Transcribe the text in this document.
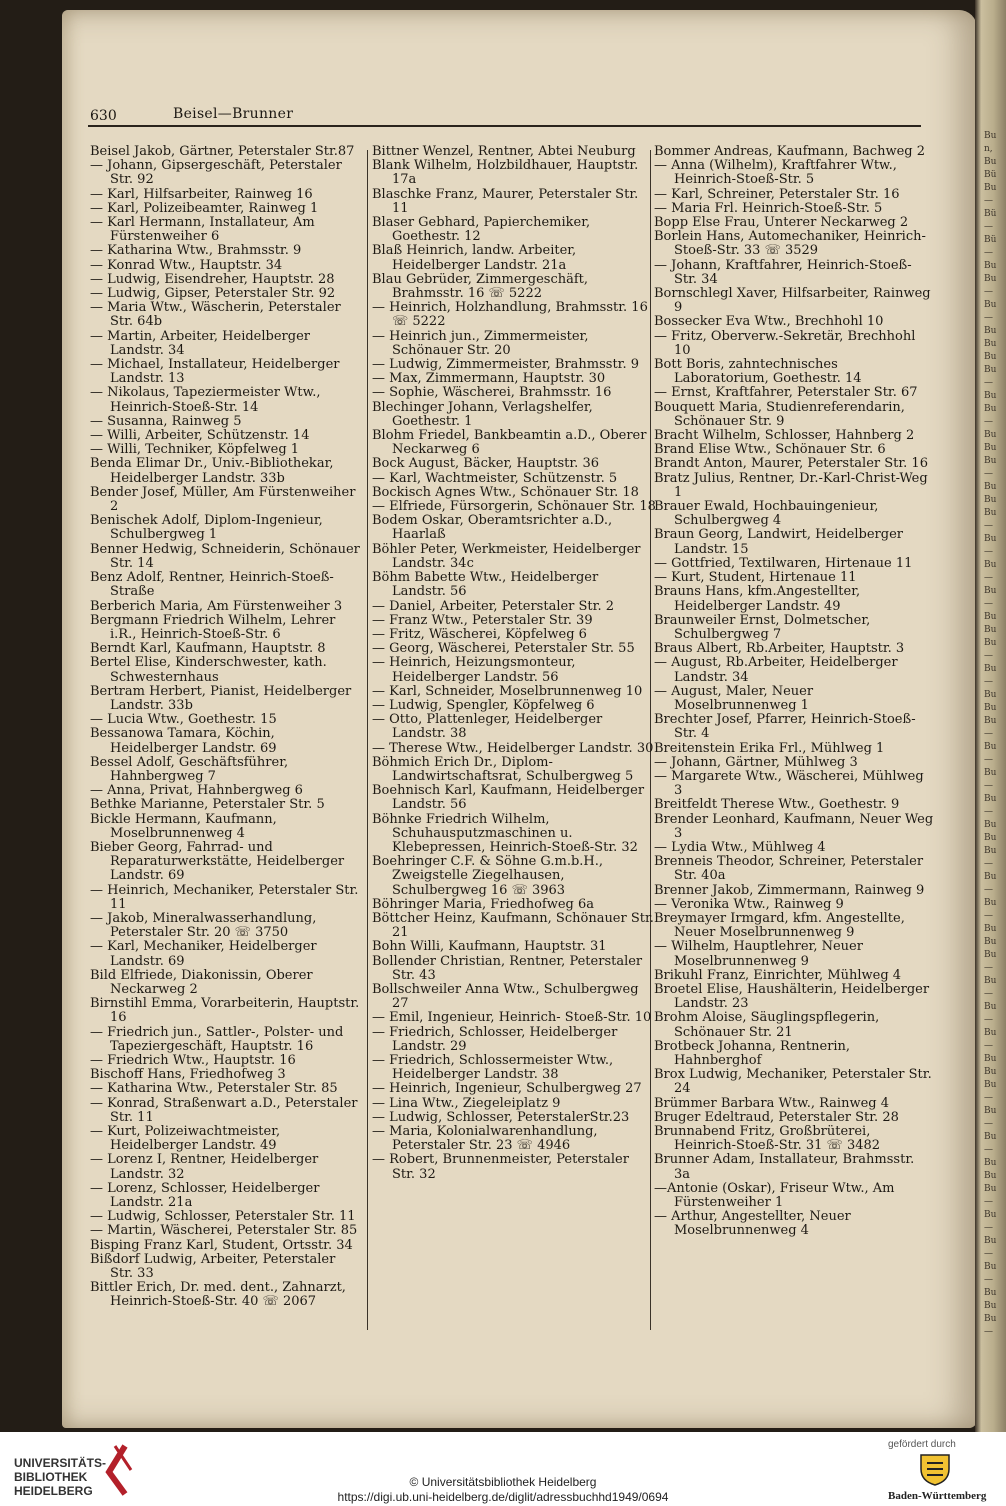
Bu
n,
Bu
Bü
Bu
—
Bü
—
Bü
—
Bu
Bu
—
Bu
—
Bu
Bu
Bu
Bu
—
Bu
Bu
—
Bu
Bu
Bu
—
Bu
Bu
Bu
—
Bu
—
Bu
—
Bu
—
Bu
Bu
Bu
—
Bu
—
Bu
Bu
Bu
—
Bu
—
Bu
—
Bu
—
Bu
Bu
Bu
—
Bu
—
Bu
—
Bu
Bu
Bu
—
Bu
—
Bu
—
Bu
—
Bu
Bu
Bu
—
Bu
—
Bu
—
Bu
Bu
Bu
—
Bu
—
Bu
—
Bu
—
Bu
Bu
Bu
—
630	Beisel—Brunner

Beisel Jakob, Gärtner, Peterstaler Str.87

— Johann, Gipsergeschäft, Peterstaler Str. 92

— Karl, Hilfsarbeiter, Rainweg 16

— Karl, Polizeibeamter, Rainweg 1

— Karl Hermann, Installateur, Am Fürstenweiher 6

— Katharina Wtw., Brahmsstr. 9

— Konrad Wtw., Hauptstr. 34

— Ludwig, Eisendreher, Hauptstr. 28

— Ludwig, Gipser, Peterstaler Str. 92

— Maria Wtw., Wäscherin, Peterstaler Str. 64b

— Martin, Arbeiter, Heidelberger Landstr. 34

— Michael, Installateur, Heidelberger Landstr. 13

— Nikolaus, Tapeziermeister Wtw., Heinrich-Stoeß-Str. 14

— Susanna, Rainweg 5

— Willi, Arbeiter, Schützenstr. 14

— Willi, Techniker, Köpfelweg 1

Benda Elimar Dr., Univ.-Bibliothekar, Heidelberger Landstr. 33b

Bender Josef, Müller, Am Fürstenweiher 2

Benischek Adolf, Diplom-Ingenieur, Schulbergweg 1

Benner Hedwig, Schneiderin, Schönauer Str. 14

Benz Adolf, Rentner, Heinrich-Stoeß-Straße

Berberich Maria, Am Fürstenweiher 3

Bergmann Friedrich Wilhelm, Lehrer i.R., Heinrich-Stoeß-Str. 6

Berndt Karl, Kaufmann, Hauptstr. 8

Bertel Elise, Kinderschwester, kath. Schwesternhaus

Bertram Herbert, Pianist, Heidelberger Landstr. 33b

— Lucia Wtw., Goethestr. 15

Bessanowa Tamara, Köchin, Heidelberger Landstr. 69

Bessel Adolf, Geschäftsführer, Hahnbergweg 7

— Anna, Privat, Hahnbergweg 6

Bethke Marianne, Peterstaler Str. 5

Bickle Hermann, Kaufmann, Moselbrunnenweg 4

Bieber Georg, Fahrrad- und Reparaturwerkstätte, Heidelberger Landstr. 69

— Heinrich, Mechaniker, Peterstaler Str. 11

— Jakob, Mineralwasserhandlung, Peterstaler Str. 20 ☏ 3750

— Karl, Mechaniker, Heidelberger Landstr. 69

Bild Elfriede, Diakonissin, Oberer Neckarweg 2

Birnstihl Emma, Vorarbeiterin, Hauptstr. 16

— Friedrich jun., Sattler-, Polster- und Tapeziergeschäft, Hauptstr. 16

— Friedrich Wtw., Hauptstr. 16

Bischoff Hans, Friedhofweg 3

— Katharina Wtw., Peterstaler Str. 85

— Konrad, Straßenwart a.D., Peterstaler Str. 11

— Kurt, Polizeiwachtmeister, Heidelberger Landstr. 49

— Lorenz I, Rentner, Heidelberger Landstr. 32

— Lorenz, Schlosser, Heidelberger Landstr. 21a

— Ludwig, Schlosser, Peterstaler Str. 11

— Martin, Wäscherei, Peterstaler Str. 85

Bisping Franz Karl, Student, Ortsstr. 34

Bißdorf Ludwig, Arbeiter, Peterstaler Str. 33

Bittler Erich, Dr. med. dent., Zahnarzt, Heinrich-Stoeß-Str. 40 ☏ 2067

Bittner Wenzel, Rentner, Abtei Neuburg

Blank Wilhelm, Holzbildhauer, Hauptstr. 17a

Blaschke Franz, Maurer, Peterstaler Str. 11

Blaser Gebhard, Papierchemiker, Goethestr. 12

Blaß Heinrich, landw. Arbeiter, Heidelberger Landstr. 21a

Blau Gebrüder, Zimmergeschäft, Brahmsstr. 16 ☏ 5222

— Heinrich, Holzhandlung, Brahmsstr. 16 ☏ 5222

— Heinrich jun., Zimmermeister, Schönauer Str. 20

— Ludwig, Zimmermeister, Brahmsstr. 9

— Max, Zimmermann, Hauptstr. 30

— Sophie, Wäscherei, Brahmsstr. 16

Blechinger Johann, Verlagshelfer, Goethestr. 1

Blohm Friedel, Bankbeamtin a.D., Oberer Neckarweg 6

Bock August, Bäcker, Hauptstr. 36

— Karl, Wachtmeister, Schützenstr. 5

Bockisch Agnes Wtw., Schönauer Str. 18

— Elfriede, Fürsorgerin, Schönauer Str. 18

Bodem Oskar, Oberamtsrichter a.D., Haarlaß

Böhler Peter, Werkmeister, Heidelberger Landstr. 34c

Böhm Babette Wtw., Heidelberger Landstr. 56

— Daniel, Arbeiter, Peterstaler Str. 2

— Franz Wtw., Peterstaler Str. 39

— Fritz, Wäscherei, Köpfelweg 6

— Georg, Wäscherei, Peterstaler Str. 55

— Heinrich, Heizungsmonteur, Heidelberger Landstr. 56

— Karl, Schneider, Moselbrunnenweg 10

— Ludwig, Spengler, Köpfelweg 6

— Otto, Plattenleger, Heidelberger Landstr. 38

— Therese Wtw., Heidelberger Landstr. 30

Böhmich Erich Dr., Diplom-Landwirtschaftsrat, Schulbergweg 5

Boehnisch Karl, Kaufmann, Heidelberger Landstr. 56

Böhnke Friedrich Wilhelm, Schuhausputzmaschinen u. Klebepressen, Heinrich-Stoeß-Str. 32

Boehringer C.F. & Söhne G.m.b.H., Zweigstelle Ziegelhausen, Schulbergweg 16 ☏ 3963

Böhringer Maria, Friedhofweg 6a

Böttcher Heinz, Kaufmann, Schönauer Str. 21

Bohn Willi, Kaufmann, Hauptstr. 31

Bollender Christian, Rentner, Peterstaler Str. 43

Bollschweiler Anna Wtw., Schulbergweg 27

— Emil, Ingenieur, Heinrich- Stoeß-Str. 10

— Friedrich, Schlosser, Heidelberger Landstr. 29

— Friedrich, Schlossermeister Wtw., Heidelberger Landstr. 38

— Heinrich, Ingenieur, Schulbergweg 27

— Lina Wtw., Ziegeleiplatz 9

— Ludwig, Schlosser, PeterstalerStr.23

— Maria, Kolonialwarenhandlung, Peterstaler Str. 23 ☏ 4946

— Robert, Brunnenmeister, Peterstaler Str. 32

Bommer Andreas, Kaufmann, Bachweg 2

— Anna (Wilhelm), Kraftfahrer Wtw., Heinrich-Stoeß-Str. 5

— Karl, Schreiner, Peterstaler Str. 16

— Maria Frl. Heinrich-Stoeß-Str. 5

Bopp Else Frau, Unterer Neckarweg 2

Borlein Hans, Automechaniker, Heinrich-Stoeß-Str. 33 ☏ 3529

— Johann, Kraftfahrer, Heinrich-Stoeß- Str. 34

Bornschlegl Xaver, Hilfsarbeiter, Rainweg 9

Bossecker Eva Wtw., Brechhohl 10

— Fritz, Oberverw.-Sekretär, Brechhohl 10

Bott Boris, zahntechnisches Laboratorium, Goethestr. 14

— Ernst, Kraftfahrer, Peterstaler Str. 67

Bouquett Maria, Studienreferendarin, Schönauer Str. 9

Bracht Wilhelm, Schlosser, Hahnberg 2

Brand Elise Wtw., Schönauer Str. 6

Brandt Anton, Maurer, Peterstaler Str. 16

Bratz Julius, Rentner, Dr.-Karl-Christ-Weg 1

Brauer Ewald, Hochbauingenieur, Schulbergweg 4

Braun Georg, Landwirt, Heidelberger Landstr. 15

— Gottfried, Textilwaren, Hirtenaue 11

— Kurt, Student, Hirtenaue 11

Brauns Hans, kfm.Angestellter, Heidelberger Landstr. 49

Braunweiler Ernst, Dolmetscher, Schulbergweg 7

Braus Albert, Rb.Arbeiter, Hauptstr. 3

— August, Rb.Arbeiter, Heidelberger Landstr. 34

— August, Maler, Neuer Moselbrunnenweg 1

Brechter Josef, Pfarrer, Heinrich-Stoeß-Str. 4

Breitenstein Erika Frl., Mühlweg 1

— Johann, Gärtner, Mühlweg 3

— Margarete Wtw., Wäscherei, Mühlweg 3

Breitfeldt Therese Wtw., Goethestr. 9

Brender Leonhard, Kaufmann, Neuer Weg 3

— Lydia Wtw., Mühlweg 4

Brenneis Theodor, Schreiner, Peterstaler Str. 40a

Brenner Jakob, Zimmermann, Rainweg 9

— Veronika Wtw., Rainweg 9

Breymayer Irmgard, kfm. Angestellte, Neuer Moselbrunnenweg 9

— Wilhelm, Hauptlehrer, Neuer Moselbrunnenweg 9

Brikuhl Franz, Einrichter, Mühlweg 4

Broetel Elise, Haushälterin, Heidelberger Landstr. 23

Brohm Aloise, Säuglingspflegerin, Schönauer Str. 21

Brotbeck Johanna, Rentnerin, Hahnberghof

Brox Ludwig, Mechaniker, Peterstaler Str. 24

Brümmer Barbara Wtw., Rainweg 4

Bruger Edeltraud, Peterstaler Str. 28

Brunnabend Fritz, Großbrüterei, Heinrich-Stoeß-Str. 31 ☏ 3482

Brunner Adam, Installateur, Brahmsstr. 3a

—Antonie (Oskar), Friseur Wtw., Am Fürstenweiher 1

— Arthur, Angestellter, Neuer Moselbrunnenweg 4

UNIVERSITÄTS-
BIBLIOTHEK
HEIDELBERG
© Universitätsbibliothek Heidelberg
https://digi.ub.uni-heidelberg.de/diglit/adressbuchhd1949/0694
gefördert durch
Baden-Württemberg
